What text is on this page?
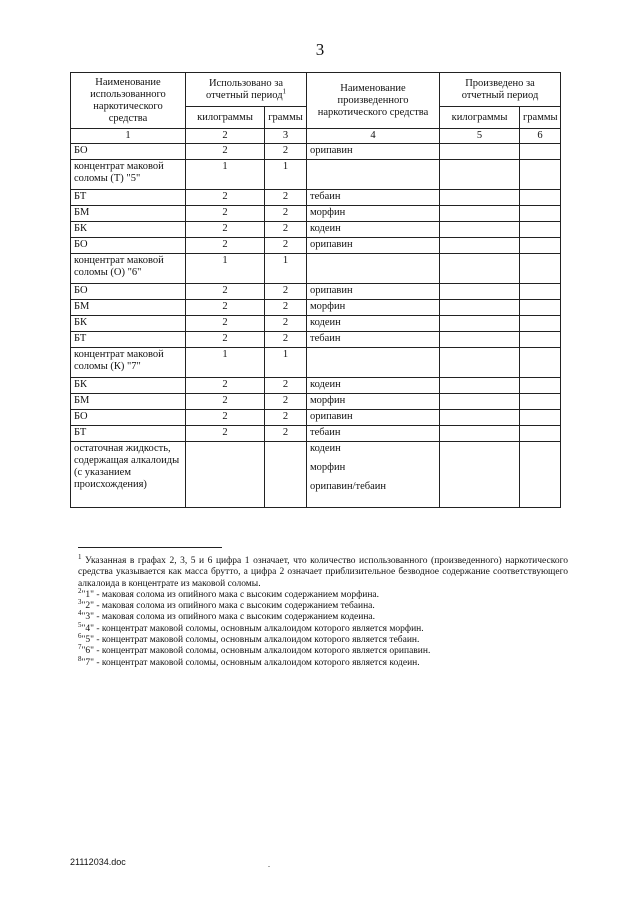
3
Наименование использованного наркотического средства	Использовано за отчетный период$^1$		Наименование произведенного наркотического средства	Произведено за отчетный период	
	килограммы	граммы		килограммы	граммы
1	2	3	4	5	6
БО	2	2	орипавин		
концентрат маковой соломы (Т) "5"	1	1			
БТ	2	2	тебаин		
БМ	2	2	морфин		
БК	2	2	кодеин		
БО	2	2	орипавин		
концентрат маковой соломы (О) "6"	1	1			
БО	2	2	орипавин		
БМ	2	2	морфин		
БК	2	2	кодеин		
БТ	2	2	тебаин		
концентрат маковой соломы (К) "7"	1	1			
БК	2	2	кодеин		
БМ	2	2	морфин		
БО	2	2	орипавин		
БТ	2	2	тебаин		
остаточная жидкость, содержащая алкалоиды (с указанием происхождения)			кодеин
морфин
орипавин/тебаин		

$^1$ Указанная в графах 2, 3, 5 и 6 цифра 1 означает, что количество использованного (произведенного) наркотического средства указывается как масса брутто, а цифра 2 означает приблизительное безводное содержание соответствующего алкалоида в концентрате из маковой соломы.

$^2$"1" - маковая солома из опийного мака с высоким содержанием морфина.

$^3$"2" - маковая солома из опийного мака с высоким содержанием тебаина.

$^4$"3" - маковая солома из опийного мака с высоким содержанием кодеина.

$^5$"4" - концентрат маковой соломы, основным алкалоидом которого является морфин.

$^6$"5" - концентрат маковой соломы, основным алкалоидом которого является тебаин.

$^7$"6" - концентрат маковой соломы, основным алкалоидом которого является орипавин.

$^8$"7" - концентрат маковой соломы, основным алкалоидом которого является кодеин.

21112034.doc	.
